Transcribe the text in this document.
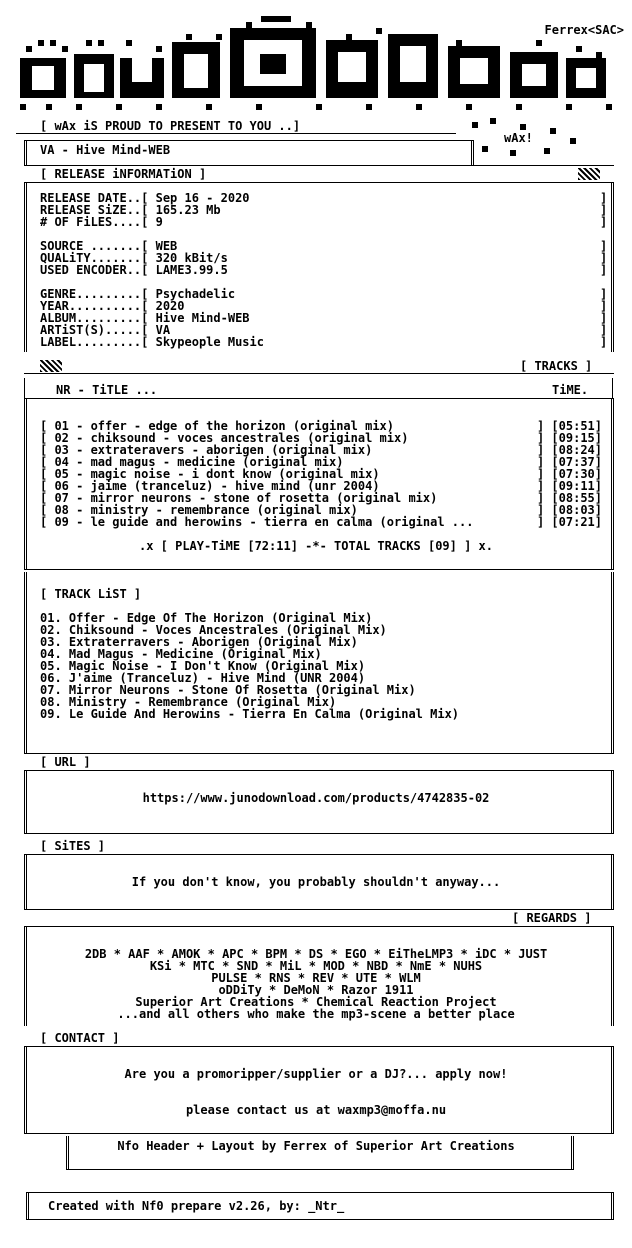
Ferrex<SAC>
[ wAx iS PROUD TO PRESENT TO YOU ..]
wAx!
VA - Hive Mind-WEB
[ RELEASE iNFORMATiON ]
RELEASE DATE..[ Sep 16 - 2020
RELEASE SiZE..[ 165.23 Mb
# OF FiLES....[ 9
SOURCE .......[ WEB
QUALiTY.......[ 320 kBit/s
USED ENCODER..[ LAME3.99.5
GENRE.........[ Psychadelic
YEAR..........[ 2020
ALBUM.........[ Hive Mind-WEB
ARTiST(S).....[ VA
LABEL.........[ Skypeople Music
]
]
]

]
]
]

]
]
]
]
]
[ TRACKS ]
NR - TiTLE ...	TiME.
[ 01 - offer - edge of the horizon (original mix)	] [05:51]
[ 02 - chiksound - voces ancestrales (original mix)	] [09:15]
[ 03 - extrateravers - aborigen (original mix)	] [08:24]
[ 04 - mad magus - medicine (original mix)	] [07:37]
[ 05 - magic noise - i dont know (original mix)	] [07:30]
[ 06 - jaime (tranceluz) - hive mind (unr 2004)	] [09:11]
[ 07 - mirror neurons - stone of rosetta (original mix)	] [08:55]
[ 08 - ministry - remembrance (original mix)	] [08:03]
[ 09 - le guide and herowins - tierra en calma (original ...	] [07:21]
.x [ PLAY-TiME [72:11] -*- TOTAL TRACKS [09] ] x.
[ TRACK LiST ]
01. Offer - Edge Of The Horizon (Original Mix)
02. Chiksound - Voces Ancestrales (Original Mix)
03. Extraterravers - Aborigen (Original Mix)
04. Mad Magus - Medicine (Original Mix)
05. Magic Noise - I Don't Know (Original Mix)
06. J'aime (Tranceluz) - Hive Mind (UNR 2004)
07. Mirror Neurons - Stone Of Rosetta (Original Mix)
08. Ministry - Remembrance (Original Mix)
09. Le Guide And Herowins - Tierra En Calma (Original Mix)
[ URL ]
https://www.junodownload.com/products/4742835-02
[ SiTES ]
If you don't know, you probably shouldn't anyway...
[ REGARDS ]
2DB * AAF * AMOK * APC * BPM * DS * EGO * EiTheLMP3 * iDC * JUST
KSi * MTC * SND * MiL * MOD * NBD * NmE * NUHS
PULSE * RNS * REV * UTE * WLM
oDDiTy * DeMoN * Razor 1911
Superior Art Creations * Chemical Reaction Project
...and all others who make the mp3-scene a better place
[ CONTACT ]
Are you a promoripper/supplier or a DJ?... apply now!
please contact us at waxmp3@moffa.nu
Nfo Header + Layout by Ferrex of Superior Art Creations
Created with Nf0 prepare v2.26, by: _Ntr_
